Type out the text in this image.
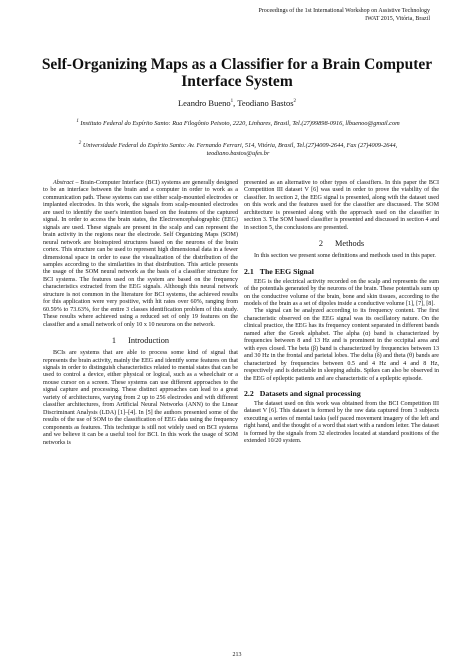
Proceedings of the 1st International Workshop on Assistive Technology
IWAT 2015, Vitória, Brazil
Self-Organizing Maps as a Classifier for a Brain Computer Interface System
Leandro Bueno$^1$, Teodiano Bastos$^2$
$^1$ Instituto Federal do Espírito Santo: Rua Filogônio Peixoto, 2220, Linhares, Brasil, Tel.(27)99898-0916, llbuenoo@gmail.com
$^2$ Universidade Federal do Espírito Santo: Av. Fernando Ferrari, 514, Vitória, Brasil, Tel.(27)4009-2644, Fax (27)4009-2644, teodiano.bastos@ufes.br

Abstract – Brain-Computer Interface (BCI) systems are generally designed to be an interface between the brain and a computer in order to work as a communication path. These systems can use either scalp-mounted electrodes or implanted electrodes. In this work, the signals from scalp-mounted electrodes are used to identify the user's intention based on the features of the captured signal. In order to access the brain states, the Electroencephalographic (EEG) signals are used. These signals are present in the scalp and can represent the brain activity in the regions near the electrode. Self Organizing Maps (SOM) neural network are bioinspired structures based on the neurons of the brain cortex. This structure can be used to represent high dimensional data in a fewer dimensional space in order to ease the visualization of the distribution of the samples according to the similarities in that distribution. This article presents the usage of the SOM neural network as the basis of a classifier structure for BCI systems. The features used on the system are based on the frequency characteristics extracted from the EEG signals. Although this neural network structure is not common in the literature for BCI systems, the achieved results for this application were very positive, with hit rates over 60%, ranging from 60.59% to 73.63%, for the entire 3 classes identification problem of this study. These results where achieved using a reduced set of only 19 features on the classifier and a small network of only 10 x 10 neurons on the network.

1 Introduction

BCIs are systems that are able to process some kind of signal that represents the brain activity, mainly the EEG and identify some features on that signals in order to distinguish characteristics related to mental states that can be used to control a device, either physical or logical, such as a wheelchair or a mouse cursor on a screen. These systems can use different approaches to the signal capture and processing. These distinct approaches can lead to a great variety of architectures, varying from 2 up to 256 electrodes and with different classifier architectures, from Artificial Neural Networks (ANN) to the Linear Discriminant Analysis (LDA) [1]–[4]. In [5] the authors presented some of the results of the use of SOM to the classification of EEG data using the frequency components as features. This technique is still not widely used on BCI systems and we believe it can be a useful tool for BCI. In this work the usage of SOM networks is

presented as an alternative to other types of classifiers. In this paper the BCI Competition III dataset V [6] was used in order to prove the viability of the classifier. In section 2, the EEG signal is presented, along with the dataset used on this work and the features used for the classifier are discussed. The SOM architecture is presented along with the approach used on the classifier in section 3. The SOM based classifier is presented and discussed in section 4 and in section 5, the conclusions are presented.

2 Methods

In this section we present some definitions and methods used in this paper.

2.1 The EEG Signal

EEG is the electrical activity recorded on the scalp and represents the sum of the potentials generated by the neurons of the brain. These potentials sum up on the conductive volume of the brain, bone and skin tissues, according to the models of the brain as a set of dipoles inside a conductive volume [1], [7], [8].

The signal can be analyzed according to its frequency content. The first characteristic observed on the EEG signal was its oscillatory nature. On the clinical practice, the EEG has its frequency content separated in different bands named after the Greek alphabet. The alpha (α) band is characterized by frequencies between 8 and 13 Hz and is prominent in the occipital area and with eyes closed. The beta (β) band is characterized by frequencies between 13 and 30 Hz in the frontal and parietal lobes. The delta (δ) and theta (θ) bands are characterized by frequencies between 0.5 and 4 Hz and 4 and 8 Hz, respectively and is detectable in sleeping adults. Spikes can also be observed in the EEG of epileptic patients and are characteristic of a epileptic episode.

2.2 Datasets and signal processing

The dataset used on this work was obtained from the BCI Competition III dataset V [6]. This dataset is formed by the raw data captured from 3 subjects executing a series of mental tasks (self paced movement imagery of the left and right hand, and the thought of a word that start with a random letter. The dataset is formed by the signals from 32 electrodes located at standard positions of the extended 10/20 system.

213
